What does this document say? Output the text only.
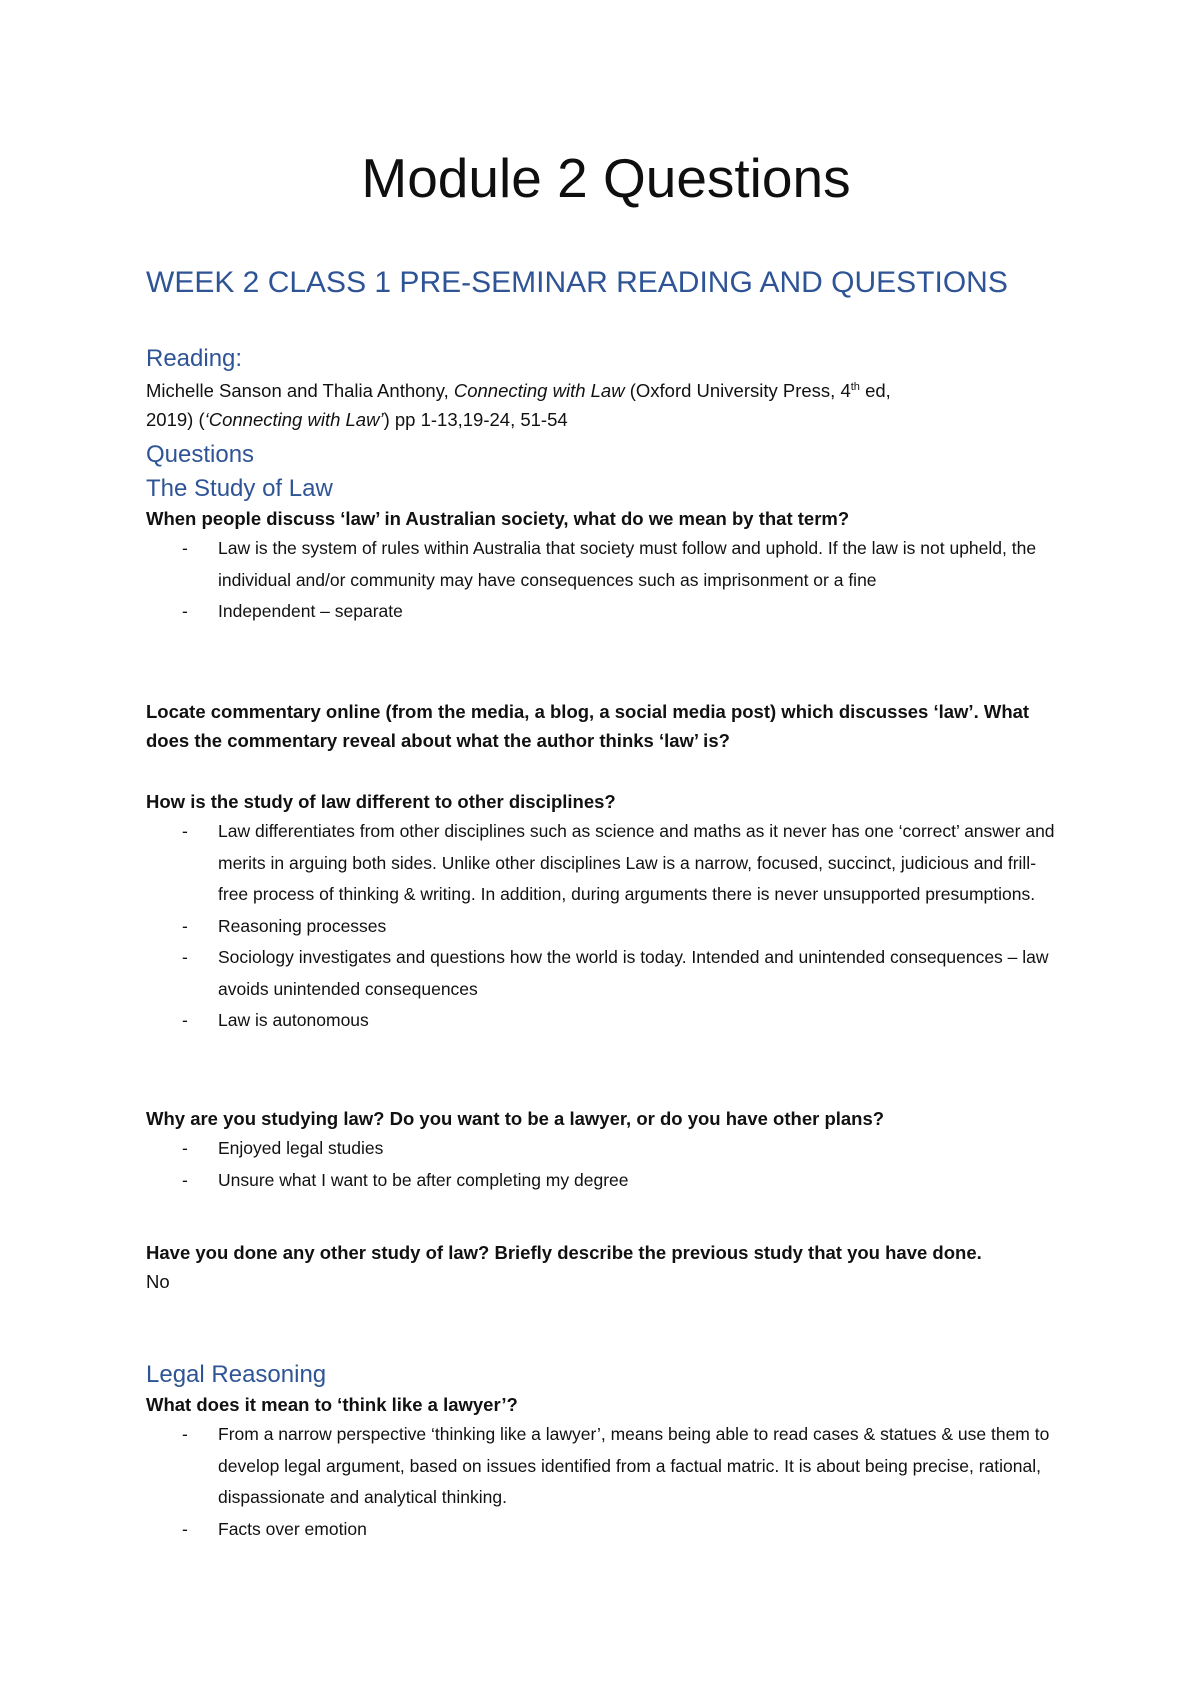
Module 2 Questions
WEEK 2 CLASS 1 PRE-SEMINAR READING AND QUESTIONS
Reading:

Michelle Sanson and Thalia Anthony, Connecting with Law (Oxford University Press, 4th ed,
2019) (‘Connecting with Law’) pp 1-13,19-24, 51-54

Questions
The Study of Law

When people discuss ‘law’ in Australian society, what do we mean by that term?

- Law is the system of rules within Australia that society must follow and uphold. If the law is not upheld, the individual and/or community may have consequences such as imprisonment or a fine
- Independent – separate

Locate commentary online (from the media, a blog, a social media post) which discusses ‘law’. What does the commentary reveal about what the author thinks ‘law’ is?

How is the study of law different to other disciplines?

- Law differentiates from other disciplines such as science and maths as it never has one ‘correct’ answer and merits in arguing both sides. Unlike other disciplines Law is a narrow, focused, succinct, judicious and frill-free process of thinking & writing. In addition, during arguments there is never unsupported presumptions.
- Reasoning processes
- Sociology investigates and questions how the world is today. Intended and unintended consequences – law avoids unintended consequences
- Law is autonomous

Why are you studying law? Do you want to be a lawyer, or do you have other plans?

- Enjoyed legal studies
- Unsure what I want to be after completing my degree

Have you done any other study of law? Briefly describe the previous study that you have done.

No

Legal Reasoning

What does it mean to ‘think like a lawyer’?

- From a narrow perspective ‘thinking like a lawyer’, means being able to read cases & statues & use them to develop legal argument, based on issues identified from a factual matric. It is about being precise, rational, dispassionate and analytical thinking.
- Facts over emotion
